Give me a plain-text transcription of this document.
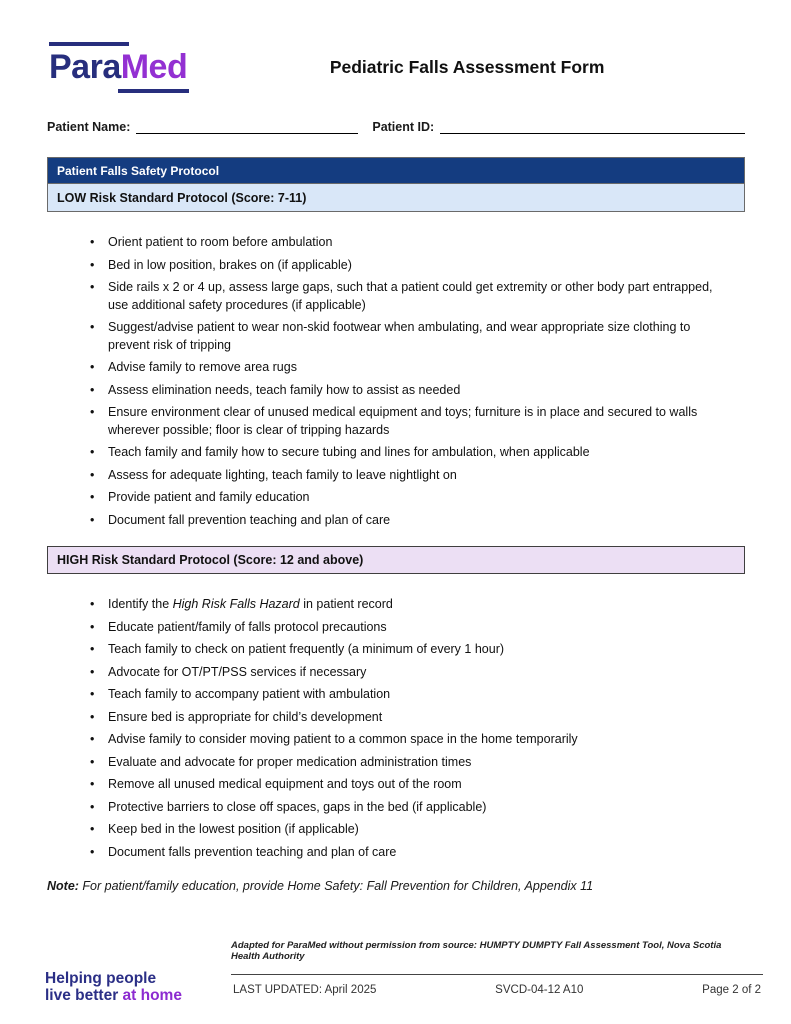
ParaMed	Pediatric Falls Assessment Form
Patient Name:	Patient ID:
Patient Falls Safety Protocol
LOW Risk Standard Protocol (Score: 7-11)
• Orient patient to room before ambulation
• Bed in low position, brakes on (if applicable)
• Side rails x 2 or 4 up, assess large gaps, such that a patient could get extremity or other body part entrapped, use additional safety procedures (if applicable)
• Suggest/advise patient to wear non-skid footwear when ambulating, and wear appropriate size clothing to prevent risk of tripping
• Advise family to remove area rugs
• Assess elimination needs, teach family how to assist as needed
• Ensure environment clear of unused medical equipment and toys; furniture is in place and secured to walls wherever possible; floor is clear of tripping hazards
• Teach family and family how to secure tubing and lines for ambulation, when applicable
• Assess for adequate lighting, teach family to leave nightlight on
• Provide patient and family education
• Document fall prevention teaching and plan of care
HIGH Risk Standard Protocol (Score: 12 and above)
• Identify the High Risk Falls Hazard in patient record
• Educate patient/family of falls protocol precautions
• Teach family to check on patient frequently (a minimum of every 1 hour)
• Advocate for OT/PT/PSS services if necessary
• Teach family to accompany patient with ambulation
• Ensure bed is appropriate for child’s development
• Advise family to consider moving patient to a common space in the home temporarily
• Evaluate and advocate for proper medication administration times
• Remove all unused medical equipment and toys out of the room
• Protective barriers to close off spaces, gaps in the bed (if applicable)
• Keep bed in the lowest position (if applicable)
• Document falls prevention teaching and plan of care
Note: For patient/family education, provide Home Safety: Fall Prevention for Children, Appendix 11
Adapted for ParaMed without permission from source: HUMPTY DUMPTY Fall Assessment Tool, Nova Scotia Health Authority
Helping people
live better at home	LAST UPDATED: April 2025	SVCD-04-12 A10	Page 2 of 2
